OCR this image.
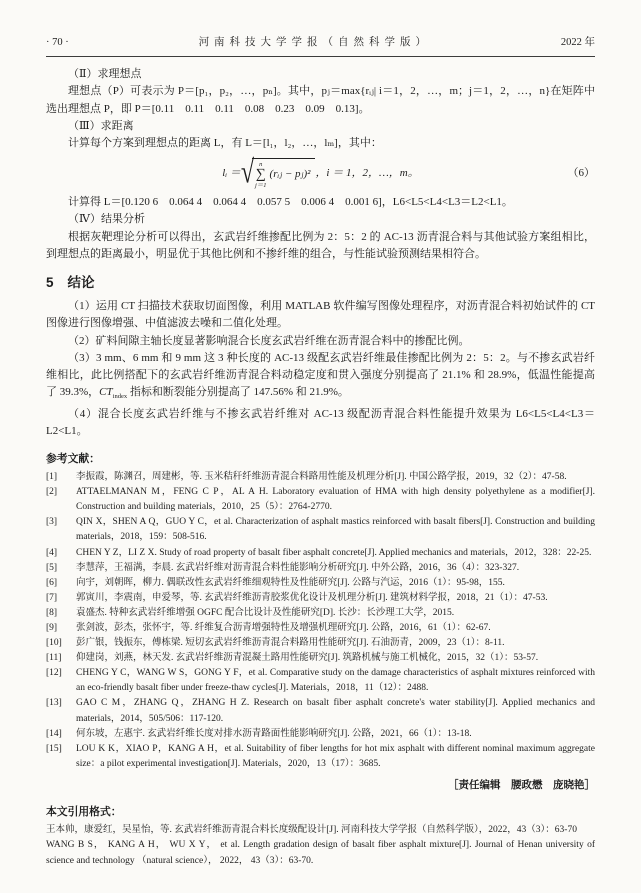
· 70 ·	河南科技大学学报（自然科学版）	2022 年

（Ⅱ）求理想点

理想点（P）可表示为 P＝[p₁，p₂，…，pₙ]。其中，pⱼ＝max{rᵢⱼ| i＝1，2，…，m；j＝1，2，…，n}在矩阵中选出理想点 P，即 P＝[0.11 0.11 0.11 0.08 0.23 0.09 0.13]。

（Ⅲ）求距离

计算每个方案到理想点的距离 L，有 L＝[l₁，l₂，…，lₘ]，其中：

lᵢ ＝ √ n
∑
j＝1
(rᵢⱼ − pⱼ)² ，i ＝ 1，2，…，m。	（6）

计算得 L＝[0.120 6 0.064 4 0.064 4 0.057 5 0.006 4 0.001 6]，L6<L5<L4<L3＝L2<L1。

（Ⅳ）结果分析

根据灰靶理论分析可以得出，玄武岩纤维掺配比例为 2：5：2 的 AC-13 沥青混合料与其他试验方案组相比，到理想点的距离最小，明显优于其他比例和不掺纤维的组合，与性能试验预测结果相符合。

5 结论

（1）运用 CT 扫描技术获取切面图像，利用 MATLAB 软件编写图像处理程序，对沥青混合料初始试件的 CT 图像进行图像增强、中值滤波去噪和二值化处理。

（2）矿料间隙主轴长度显著影响混合长度玄武岩纤维在沥青混合料中的掺配比例。

（3）3 mm、6 mm 和 9 mm 这 3 种长度的 AC-13 级配玄武岩纤维最佳掺配比例为 2：5：2。与不掺玄武岩纤维相比，此比例搭配下的玄武岩纤维沥青混合料动稳定度和贯入强度分别提高了 21.1% 和 28.9%，低温性能提高了 39.3%，$CT_{index}$ 指标和断裂能分别提高了 147.56% 和 21.9%。

（4）混合长度玄武岩纤维与不掺玄武岩纤维对 AC-13 级配沥青混合料性能提升效果为 L6<L5<L4<L3＝L2<L1。

参考文献：
[1]	李振霞，陈渊召，周建彬，等. 玉米秸秆纤维沥青混合料路用性能及机理分析[J]. 中国公路学报，2019，32（2）：47-58.
[2]	ATTAELMANAN M，FENG C P，AL A H. Laboratory evaluation of HMA with high density polyethylene as a modifier[J]. Construction and building materials，2010，25（5）：2764-2770.
[3]	QIN X，SHEN A Q，GUO Y C，et al. Characterization of asphalt mastics reinforced with basalt fibers[J]. Construction and building materials，2018，159：508-516.
[4]	CHEN Y Z，LI Z X. Study of road property of basalt fiber asphalt concrete[J]. Applied mechanics and materials，2012，328：22-25.
[5]	李慧萍，王福满，李晨. 玄武岩纤维对沥青混合料性能影响分析研究[J]. 中外公路，2016，36（4）：323-327.
[6]	向宇，刘朝晖，柳力. 偶联改性玄武岩纤维细观特性及性能研究[J]. 公路与汽运，2016（1）：95-98，155.
[7]	郭寅川，李震南，申爱琴，等. 玄武岩纤维沥青胶浆优化设计及机理分析[J]. 建筑材料学报，2018，21（1）：47-53.
[8]	袁盛杰. 特种玄武岩纤维增强 OGFC 配合比设计及性能研究[D]. 长沙：长沙理工大学，2015.
[9]	张剑波，彭杰，张怀宇，等. 纤维复合沥青增强特性及增强机理研究[J]. 公路，2016，61（1）：62-67.
[10]	彭广银，钱振东，傅栋梁. 短切玄武岩纤维沥青混合料路用性能研究[J]. 石油沥青，2009，23（1）：8-11.
[11]	仰建岗，刘燕，林天发. 玄武岩纤维沥青混凝土路用性能研究[J]. 筑路机械与施工机械化，2015，32（1）：53-57.
[12]	CHENG Y C，WANG W S，GONG Y F，et al. Comparative study on the damage characteristics of asphalt mixtures reinforced with an eco-friendly basalt fiber under freeze-thaw cycles[J]. Materials，2018，11（12）：2488.
[13]	GAO C M，ZHANG Q，ZHANG H Z. Research on basalt fiber asphalt concrete's water stability[J]. Applied mechanics and materials，2014，505/506：117-120.
[14]	何东坡，左惠宇. 玄武岩纤维长度对排水沥青路面性能影响研究[J]. 公路，2021，66（1）：13-18.
[15]	LOU K K，XIAO P，KANG A H，et al. Suitability of fiber lengths for hot mix asphalt with different nominal maximum aggregate size：a pilot experimental investigation[J]. Materials，2020，13（17）：3685.
［责任编辑　腰政懋　庞晓艳］
本文引用格式：

王本帅，康爱红，吴星怡，等. 玄武岩纤维沥青混合料长度级配设计[J]. 河南科技大学学报（自然科学版），2022，43（3）：63-70

WANG B S， KANG A H， WU X Y， et al. Length gradation design of basalt fiber asphalt mixture[J]. Journal of Henan university of science and technology （natural science）， 2022， 43（3）：63-70.
